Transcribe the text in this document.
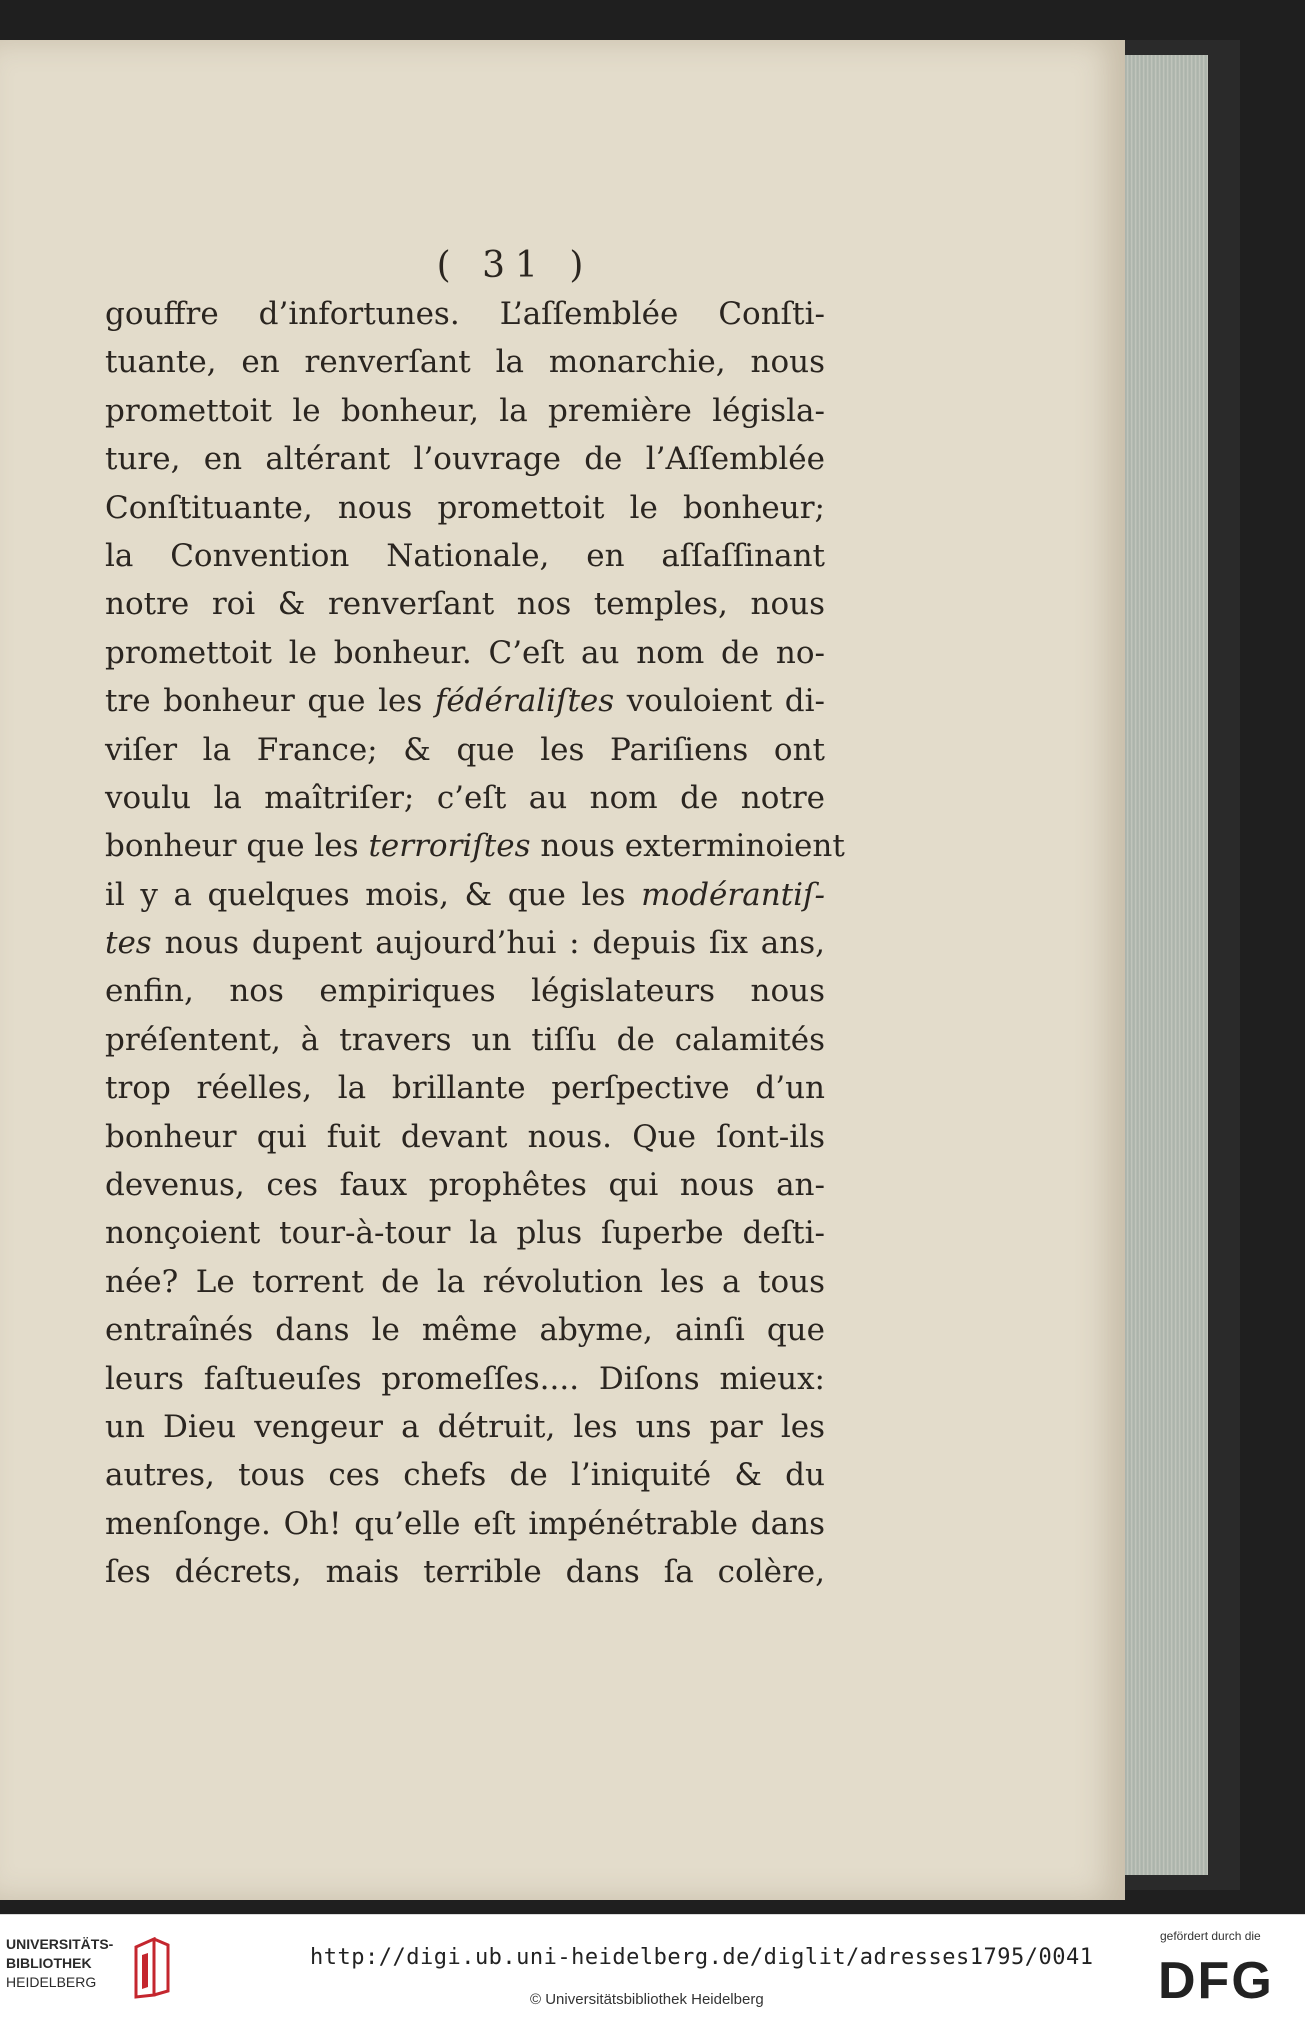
( 31 )
gouffre d’infortunes. L’aſſemblée Conſti-
tuante, en renverſant la monarchie, nous
promettoit le bonheur, la première législa-
ture, en altérant l’ouvrage de l’Aſſemblée
Conſtituante, nous promettoit le bonheur;
la Convention Nationale, en aſſaſſinant
notre roi & renverſant nos temples, nous
promettoit le bonheur. C’eſt au nom de no-
tre bonheur que les fédéraliſtes vouloient di-
viſer la France; & que les Pariſiens ont
voulu la maîtriſer; c’eſt au nom de notre
bonheur que les terroriſtes nous exterminoient
il y a quelques mois, & que les modérantiſ-
tes nous dupent aujourd’hui : depuis ſix ans,
enfin, nos empiriques législateurs nous
préſentent, à travers un tiſſu de calamités
trop réelles, la brillante perſpective d’un
bonheur qui fuit devant nous. Que ſont-ils
devenus, ces faux prophêtes qui nous an-
nonçoient tour-à-tour la plus ſuperbe deſti-
née? Le torrent de la révolution les a tous
entraînés dans le même abyme, ainſi que
leurs faſtueuſes promeſſes.... Diſons mieux:
un Dieu vengeur a détruit, les uns par les
autres, tous ces chefs de l’iniquité & du
menſonge. Oh! qu’elle eſt impénétrable dans
ſes décrets, mais terrible dans ſa colère,
UNIVERSITÄTS-
BIBLIOTHEK
HEIDELBERG
http://digi.ub.uni-heidelberg.de/diglit/adresses1795/0041
© Universitätsbibliothek Heidelberg
gefördert durch die
DFG
